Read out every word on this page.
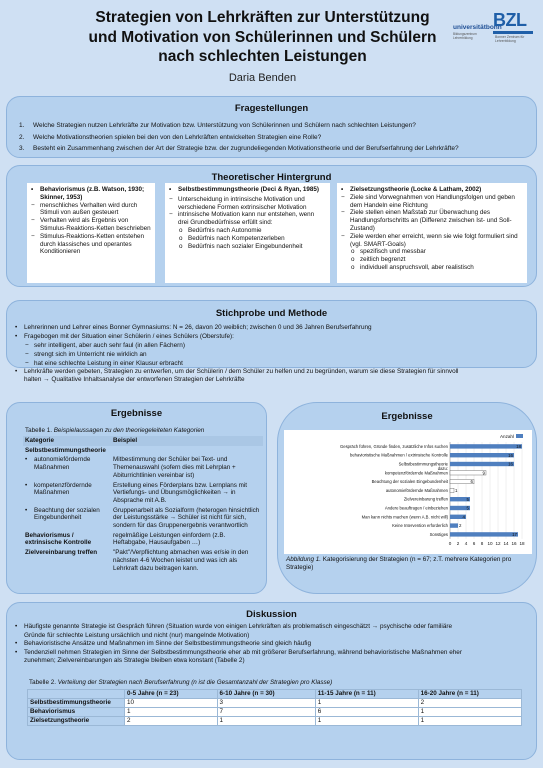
Strategien von Lehrkräften zur Unterstützung
und Motivation von Schülerinnen und Schülern
nach schlechten Leistungen
Daria Benden
universitätbonn
Bildungszentrum Lehrerbildung
BZL
Bonner Zentrum für Lehrerbildung
Fragestellungen
1. Welche Strategien nutzen Lehrkräfte zur Motivation bzw. Unterstützung von Schülerinnen und Schülern nach schlechten Leistungen?
2. Welche Motivationstheorien spielen bei den von den Lehrkräften entwickelten Strategien eine Rolle?
3. Besteht ein Zusammenhang zwischen der Art der Strategie bzw. der zugrundeliegenden Motivationstheorie und der Berufserfahrung der Lehrkräfte?
Theoretischer Hintergrund
• Behaviorismus (z.B. Watson, 1930; Skinner, 1953)
− menschliches Verhalten wird durch Stimuli von außen gesteuert
− Verhalten wird als Ergebnis von Stimulus-Reaktions-Ketten beschrieben
− Stimulus-Reaktions-Ketten entstehen durch klassisches und operantes Konditionieren
• Selbstbestimmungstheorie (Deci & Ryan, 1985)
− Unterscheidung in intrinsische Motivation und verschiedene Formen extrinsischer Motivation
− intrinsische Motivation kann nur entstehen, wenn drei Grundbedürfnisse erfüllt sind:
o Bedürfnis nach Autonomie
o Bedürfnis nach Kompetenzerleben
o Bedürfnis nach sozialer Eingebundenheit
• Zielsetzungstheorie (Locke & Latham, 2002)
− Ziele sind Vorwegnahmen von Handlungsfolgen und geben dem Handeln eine Richtung
− Ziele stellen einen Maßstab zur Überwachung des Handlungsfortschritts an (Differenz zwischen Ist- und Soll-Zustand)
− Ziele werden eher erreicht, wenn sie wie folgt formuliert sind (vgl. SMART-Goals)
o spezifisch und messbar
o zeitlich begrenzt
o individuell anspruchsvoll, aber realistisch
Stichprobe und Methode
• Lehrerinnen und Lehrer eines Bonner Gymnasiums: N = 26, davon 20 weiblich; zwischen 0 und 36 Jahren Berufserfahrung
• Fragebogen mit der Situation einer Schülerin / eines Schülers (Oberstufe):
− sehr intelligent, aber auch sehr faul (in allen Fächern)
− strengt sich im Unterricht nie wirklich an
− hat eine schlechte Leistung in einer Klausur erbracht
• Lehrkräfte werden gebeten, Strategien zu entwerfen, um der Schülerin / dem Schüler zu helfen und zu begründen, warum sie diese Strategien für sinnvoll
halten → Qualitative Inhaltsanalyse der entworfenen Strategien der Lehrkräfte
Ergebnisse
Tabelle 1. Beispielaussagen zu den theoriegeleiteten Kategorien
Kategorie	Beispiel
Selbstbestimmungstheorie	

• autonomiefördernde Maßnahmen	Mitbestimmung der Schüler bei Text- und Themenauswahl (sofern dies mit Lehrplan + Abiturrichtlinien vereinbar ist)

• kompetenzfördernde Maßnahmen	Erstellung eines Förderplans bzw. Lernplans mit Vertiefungs- und Übungsmöglichkeiten → in Absprache mit A.B.

• Beachtung der sozialen Eingebundenheit	Gruppenarbeit als Sozialform (heterogen hinsichtlich der Leistungsstärke → Schüler ist nicht für sich, sondern für das Gruppenergebnis verantwortlich
Behaviorismus / extrinsische Kontrolle	regelmäßige Leistungen einfordern (z.B. Heftabgabe, Hausaufgaben …)
Zielvereinbarung treffen	"Pakt"/Verpflichtung abmachen was er/sie in den nächsten 4-6 Wochen leistet und was ich als Lehrkraft dazu beitragen kann.
Ergebnisse
Anzahl
0 2 4 6 8 10 12 14 16 18
Gespräch führen, Gründe finden, zusätzliche Infos suchen	18
behavioristische Maßnahmen / extrinsische Kontrolle	16
Selbstbestimmungstheorie
dazu:
16
kompetenzfördernde Maßnahmen	9
Beachtung der sozialen Eingebundenheit	6
autonomiefördernde Maßnahmen 1
Zielvereinbarung treffen	5
Andere beauftragen / einbeziehen	5
Man kann nichts machen (wenn A.B. nicht will)	4
Keine Intervention erforderlich	2
Sonstiges	17
Abbildung 1. Kategorisierung der Strategien (n = 67; z.T. mehrere Kategorien pro Strategie)
Diskussion
• Häufigste genannte Strategie ist Gespräch führen (Situation wurde von einigen Lehrkräften als problematisch eingeschätzt → psychische oder familiäre
Gründe für schlechte Leistung ursächlich und nicht (nur) mangelnde Motivation)
• Behavioristische Ansätze und Maßnahmen im Sinne der Selbstbestimmungstheorie sind gleich häufig
• Tendenziell nehmen Strategien im Sinne der Selbstbestimmungstheorie eher ab mit größerer Berufserfahrung, während behavioristische Maßnahmen eher
zunehmen; Zielvereinbarungen als Strategie bleiben etwa konstant (Tabelle 2)
Tabelle 2. Verteilung der Strategien nach Berufserfahrung (n ist die Gesamtanzahl der Strategien pro Klasse)
	0-5 Jahre (n = 23)	6-10 Jahre (n = 30)	11-15 Jahre (n = 11)	16-20 Jahre (n = 11)
Selbstbestimmungstheorie	10	3	1	2
Behaviorismus	1	7	6	1
Zielsetzungstheorie	2	1	1	1
